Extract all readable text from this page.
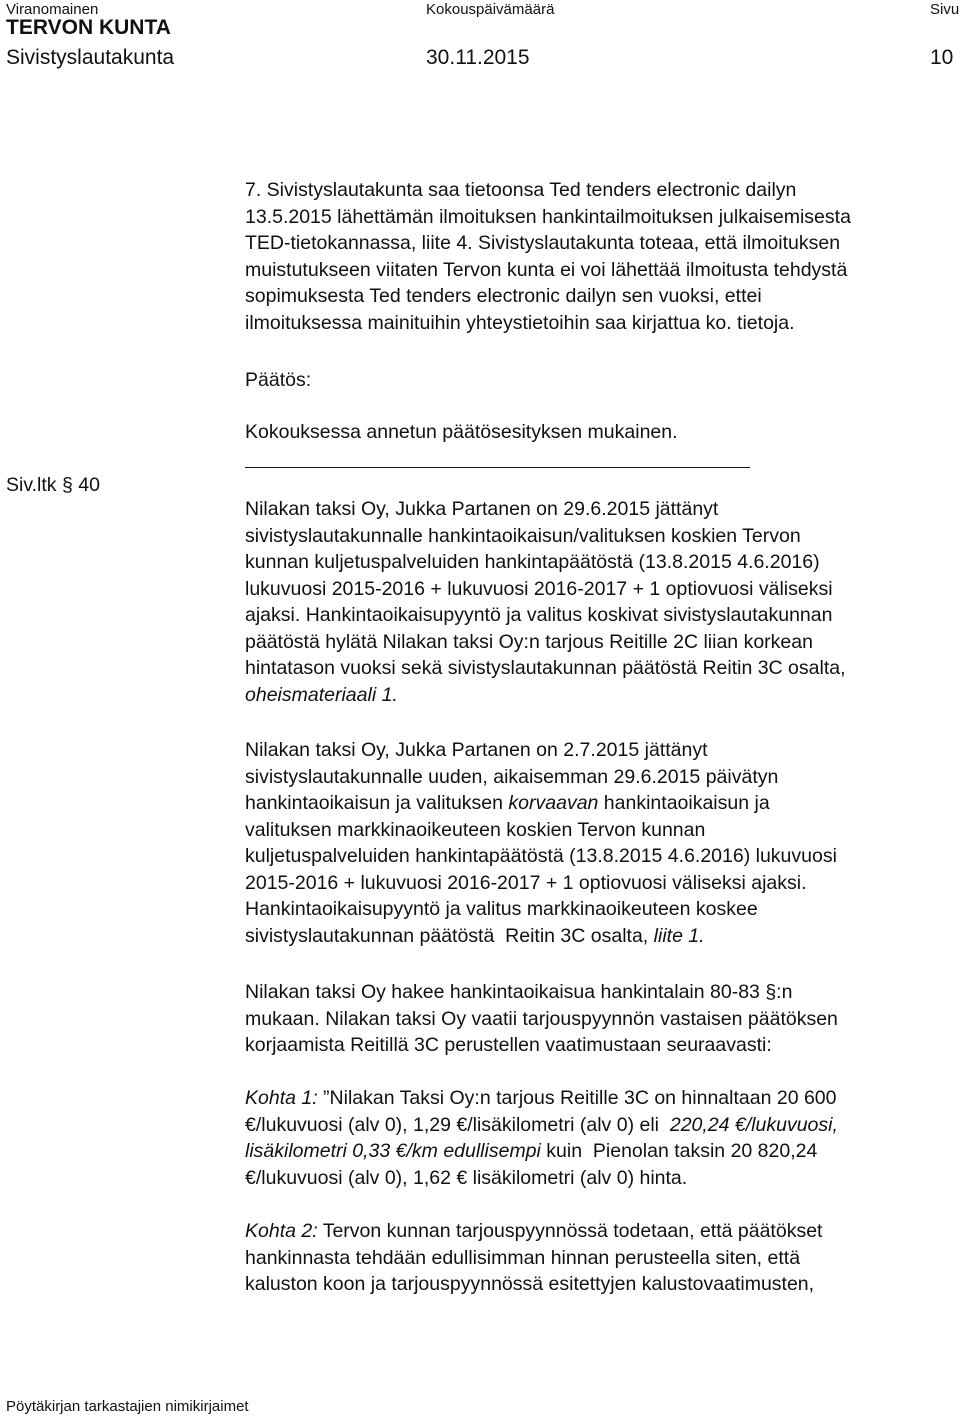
Viranomainen	Kokouspäivämäärä	Sivu
TERVON KUNTA
Sivistyslautakunta	30.11.2015	10
7. Sivistyslautakunta saa tietoonsa Ted tenders electronic dailyn
13.5.2015 lähettämän ilmoituksen hankintailmoituksen julkaisemisesta
TED-tietokannassa, liite 4. Sivistyslautakunta toteaa, että ilmoituksen
muistutukseen viitaten Tervon kunta ei voi lähettää ilmoitusta tehdystä
sopimuksesta Ted tenders electronic dailyn sen vuoksi, ettei
ilmoituksessa mainituihin yhteystietoihin saa kirjattua ko. tietoja.
Päätös:
Kokouksessa annetun päätösesityksen mukainen.
Siv.ltk § 40
Nilakan taksi Oy, Jukka Partanen on 29.6.2015 jättänyt
sivistyslautakunnalle hankintaoikaisun/valituksen koskien Tervon
kunnan kuljetuspalveluiden hankintapäätöstä (13.8.2015 4.6.2016)
lukuvuosi 2015-2016 + lukuvuosi 2016-2017 + 1 optiovuosi väliseksi
ajaksi. Hankintaoikaisupyyntö ja valitus koskivat sivistyslautakunnan
päätöstä hylätä Nilakan taksi Oy:n tarjous Reitille 2C liian korkean
hintatason vuoksi sekä sivistyslautakunnan päätöstä Reitin 3C osalta,
oheismateriaali 1.
Nilakan taksi Oy, Jukka Partanen on 2.7.2015 jättänyt
sivistyslautakunnalle uuden, aikaisemman 29.6.2015 päivätyn
hankintaoikaisun ja valituksen korvaavan hankintaoikaisun ja
valituksen markkinaoikeuteen koskien Tervon kunnan
kuljetuspalveluiden hankintapäätöstä (13.8.2015 4.6.2016) lukuvuosi
2015-2016 + lukuvuosi 2016-2017 + 1 optiovuosi väliseksi ajaksi.
Hankintaoikaisupyyntö ja valitus markkinaoikeuteen koskee
sivistyslautakunnan päätöstä  Reitin 3C osalta, liite 1.
Nilakan taksi Oy hakee hankintaoikaisua hankintalain 80-83 §:n
mukaan. Nilakan taksi Oy vaatii tarjouspyynnön vastaisen päätöksen
korjaamista Reitillä 3C perustellen vaatimustaan seuraavasti:
Kohta 1: ”Nilakan Taksi Oy:n tarjous Reitille 3C on hinnaltaan 20 600
€/lukuvuosi (alv 0), 1,29 €/lisäkilometri (alv 0) eli  220,24 €/lukuvuosi,
lisäkilometri 0,33 €/km edullisempi kuin  Pienolan taksin 20 820,24
€/lukuvuosi (alv 0), 1,62 € lisäkilometri (alv 0) hinta.
Kohta 2: Tervon kunnan tarjouspyynnössä todetaan, että päätökset
hankinnasta tehdään edullisimman hinnan perusteella siten, että
kaluston koon ja tarjouspyynnössä esitettyjen kalustovaatimusten,
Pöytäkirjan tarkastajien nimikirjaimet
